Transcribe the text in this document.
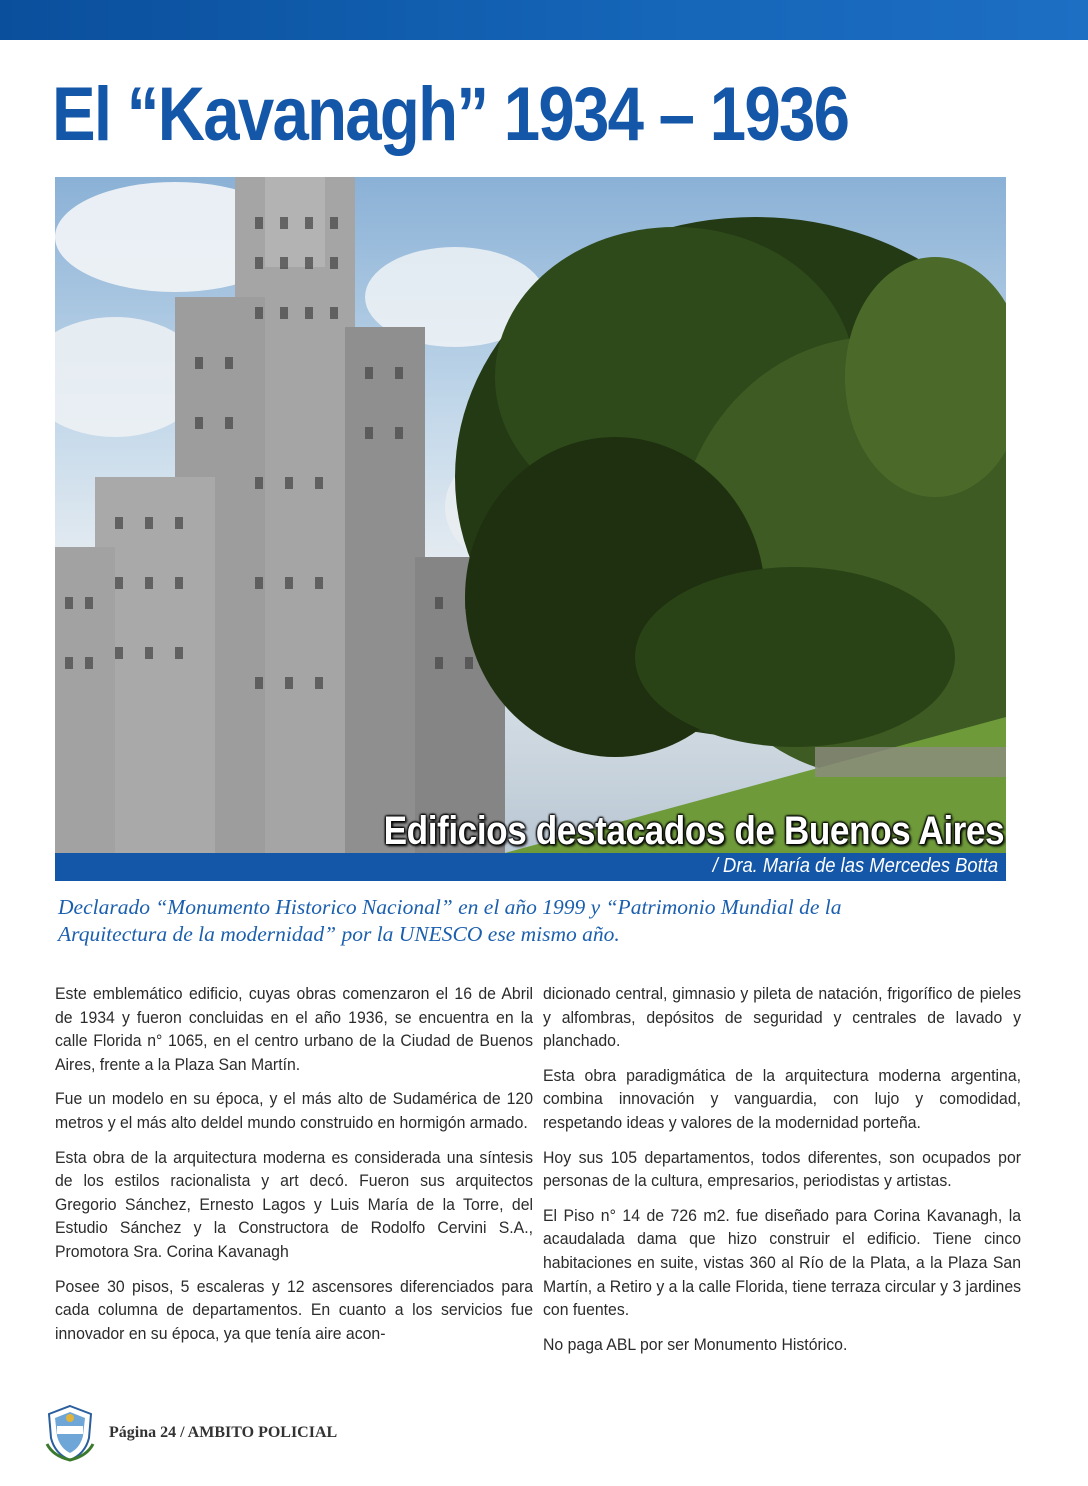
El “Kavanagh” 1934 – 1936
Edificios destacados de Buenos Aires
/ Dra. María de las Mercedes Botta

Declarado “Monumento Historico Nacional” en el año 1999 y “Patrimonio Mundial de la Arquitectura de la modernidad” por la UNESCO ese mismo año.

Este emblemático edificio, cuyas obras comenzaron el 16 de Abril de 1934 y fueron concluidas en el año 1936, se encuentra en la calle Florida n° 1065, en el centro urbano de la Ciudad de Buenos Aires, frente a la Plaza San Martín.

Fue un modelo en su época, y el más alto de Sudamérica de 120 metros y el más alto deldel mundo construido en hormigón armado.

Esta obra de la arquitectura moderna es considerada una síntesis de los estilos racionalista y art decó. Fueron sus arquitectos Gregorio Sánchez, Ernesto Lagos y Luis María de la Torre, del Estudio Sánchez y la Constructora de Rodolfo Cervini S.A., Promotora Sra. Corina Kavanagh

Posee 30 pisos, 5 escaleras y 12 ascensores diferenciados para cada columna de departamentos. En cuanto a los servicios fue innovador en su época, ya que tenía aire acon-

dicionado central, gimnasio y pileta de natación, frigorífico de pieles y alfombras, depósitos de seguridad y centrales de lavado y planchado.

Esta obra paradigmática de la arquitectura moderna argentina, combina innovación y vanguardia, con lujo y comodidad, respetando ideas y valores de la modernidad porteña.

Hoy sus 105 departamentos, todos diferentes, son ocupados por personas de la cultura, empresarios, periodistas y artistas.

El Piso n° 14 de 726 m2. fue diseñado para Corina Kavanagh, la acaudalada dama que hizo construir el edificio. Tiene cinco habitaciones en suite, vistas 360 al Río de la Plata, a la Plaza San Martín, a Retiro y a la calle Florida, tiene terraza circular y 3 jardines con fuentes.

No paga ABL por ser Monumento Histórico.

Página 24 / AMBITO POLICIAL
